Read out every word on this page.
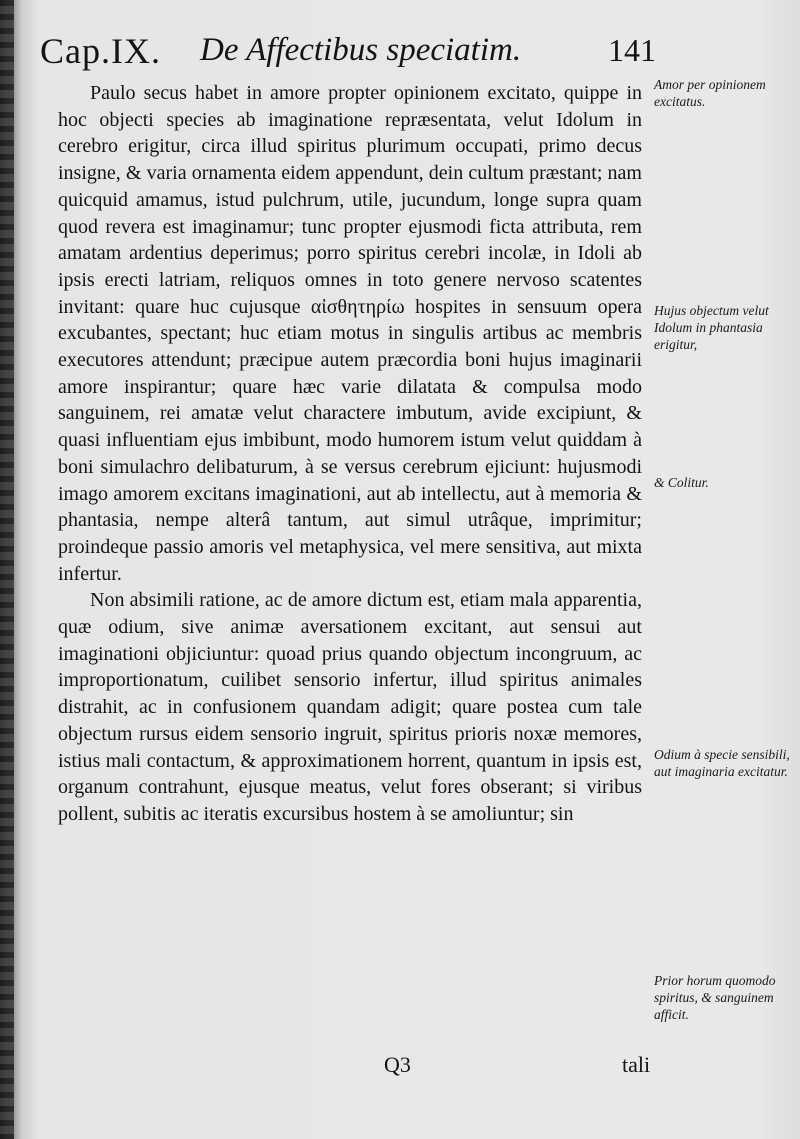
Cap.IX. De Affectibus speciatim.	141

Paulo secus habet in amore propter opinionem excitato, quippe in hoc objecti species ab imaginatione repræsentata, velut Idolum in cerebro erigitur, circa illud spiritus plurimum occupati, primo decus insigne, & varia ornamenta eidem appendunt, dein cultum præstant; nam quicquid amamus, istud pulchrum, utile, jucundum, longe supra quam quod revera est imaginamur; tunc propter ejusmodi ficta attributa, rem amatam ardentius deperimus; porro spiritus cerebri incolæ, in Idoli ab ipsis erecti latriam, reliquos omnes in toto genere nervoso scatentes invitant: quare huc cujusque αἰσθητηρίω hospites in sensuum opera excubantes, spectant; huc etiam motus in singulis artibus ac membris executores attendunt; præcipue autem præcordia boni hujus imaginarii amore inspirantur; quare hæc varie dilatata & compulsa modo sanguinem, rei amatæ velut charactere imbutum, avide excipiunt, & quasi influentiam ejus imbibunt, modo humorem istum velut quiddam à boni simulachro delibaturum, à se versus cerebrum ejiciunt: hujusmodi imago amorem excitans imaginationi, aut ab intellectu, aut à memoria & phantasia, nempe alterâ tantum, aut simul utrâque, imprimitur; proindeque passio amoris vel metaphysica, vel mere sensitiva, aut mixta infertur.

Non absimili ratione, ac de amore dictum est, etiam mala apparentia, quæ odium, sive animæ aversationem excitant, aut sensui aut imaginationi objiciuntur: quoad prius quando objectum incongruum, ac improportionatum, cuilibet sensorio infertur, illud spiritus animales distrahit, ac in confusionem quandam adigit; quare postea cum tale objectum rursus eidem sensorio ingruit, spiritus prioris noxæ memores, istius mali contactum, & approximationem horrent, quantum in ipsis est, organum contrahunt, ejusque meatus, velut fores obserant; si viribus pollent, subitis ac iteratis excursibus hostem à se amoliuntur; sin

Amor per opinionem excitatus.
Hujus objectum velut Idolum in phantasia erigitur,
& Colitur.
Odium à specie sensibili, aut imaginaria excitatur.
Prior horum quomodo spiritus, & sanguinem afficit.
Q3	tali
